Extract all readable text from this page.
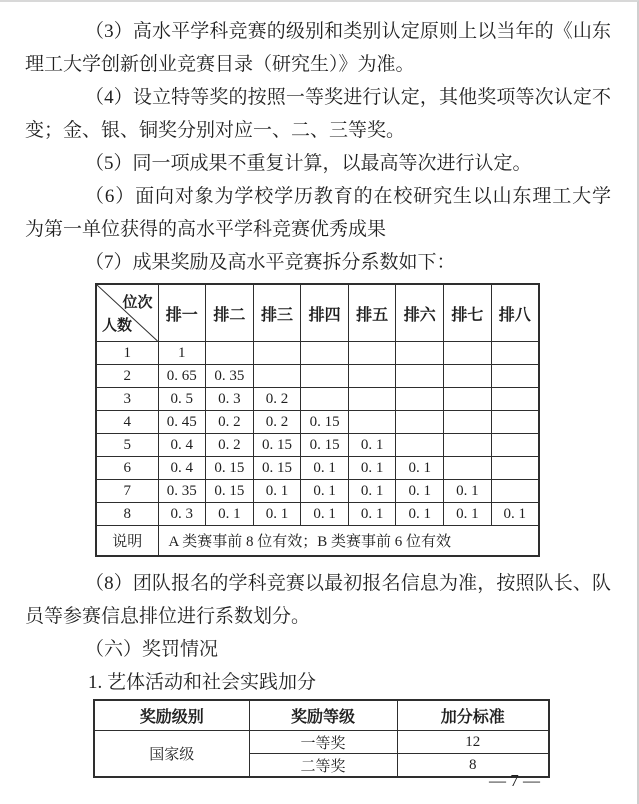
（3）高水平学科竞赛的级别和类别认定原则上以当年的《山东
理工大学创新创业竞赛目录（研究生）》为准。
（4）设立特等奖的按照一等奖进行认定，其他奖项等次认定不
变；金、银、铜奖分别对应一、二、三等奖。
（5）同一项成果不重复计算，以最高等次进行认定。
（6）面向对象为学校学历教育的在校研究生以山东理工大学
为第一单位获得的高水平学科竞赛优秀成果
（7）成果奖励及高水平竞赛拆分系数如下：
位次
人数	排一	排二	排三	排四	排五	排六	排七	排八
1	1							
2	0. 65	0. 35						
3	0. 5	0. 3	0. 2					
4	0. 45	0. 2	0. 2	0. 15				
5	0. 4	0. 2	0. 15	0. 15	0. 1			
6	0. 4	0. 15	0. 15	0. 1	0. 1	0. 1		
7	0. 35	0. 15	0. 1	0. 1	0. 1	0. 1	0. 1	
8	0. 3	0. 1	0. 1	0. 1	0. 1	0. 1	0. 1	0. 1
说明	A 类赛事前 8 位有效；B 类赛事前 6 位有效							
（8）团队报名的学科竞赛以最初报名信息为准，按照队长、队
员等参赛信息排位进行系数划分。
（六）奖罚情况
1. 艺体活动和社会实践加分
奖励级别	奖励等级	加分标准
国家级	一等奖	12
	二等奖	8
— 7 —
